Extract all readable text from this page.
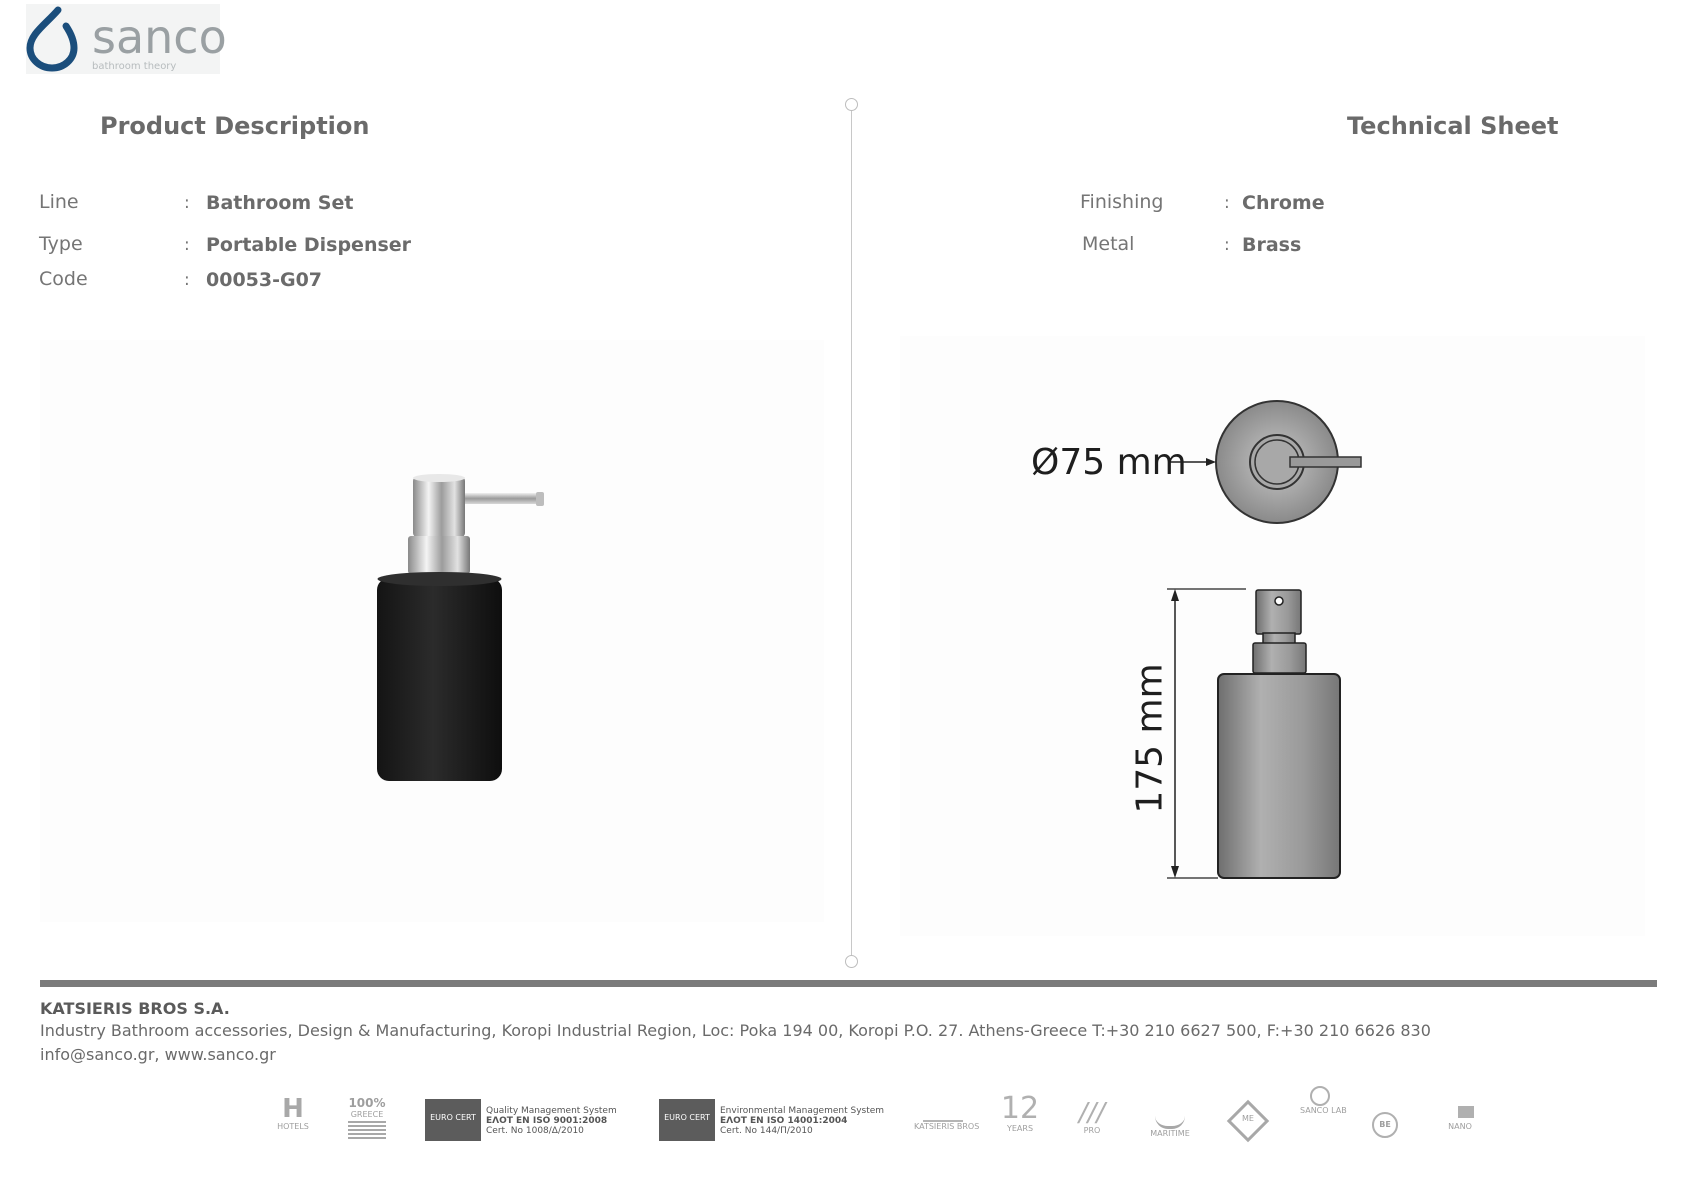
sanco
bathroom theory
Product Description
Line	: Bathroom Set
Type	: Portable Dispenser
Code	: 00053-G07
Technical Sheet
Finishing	: Chrome
Metal	: Brass
Ø75 mm
175 mm
KATSIERIS BROS S.A.
Industry Bathroom accessories, Design & Manufacturing, Koropi Industrial Region, Loc: Poka 194 00, Koropi P.O. 27. Athens-Greece T:+30 210 6627 500, F:+30 210 6626 830
info@sanco.gr, www.sanco.gr
H
HOTELS
100%
GREECE	EURO CERT
Quality Management System
ΕΛΟΤ EN ISO 9001:2008
Cert. No 1008/Δ/2010
EURO CERT
Environmental Management System
ΕΛΟΤ EN ISO 14001:2004
Cert. No 144/Π/2010	KATSIERIS BROS
12
YEARS
///
PRO	MARITIME
ME
SANCO LAB
BE	NANO
